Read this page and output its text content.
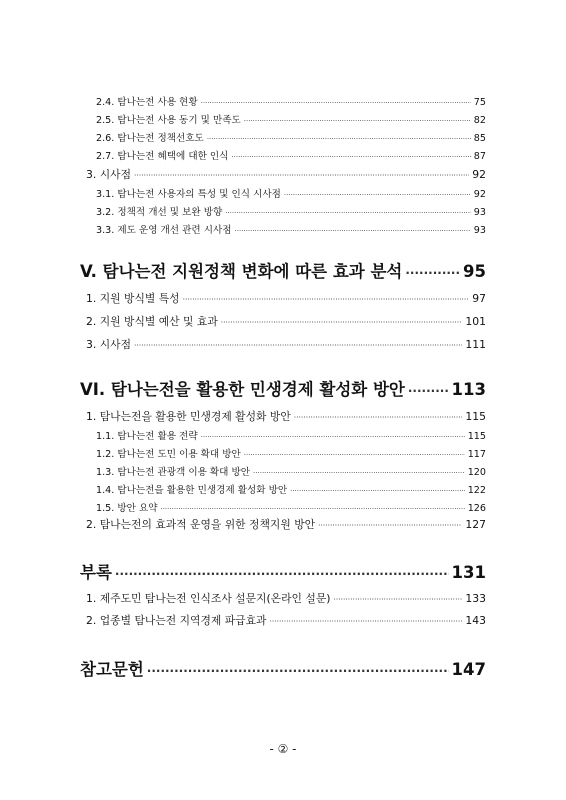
2.4. 탐나는전 사용 현황 ·····	75
2.5. 탐나는전 사용 동기 및 만족도 ·····	82
2.6. 탐나는전 정책선호도 ·····	85
2.7. 탐나는전 혜택에 대한 인식 ·····	87
3. 시사점 ·····	92
3.1. 탐나는전 사용자의 특성 및 인식 시사점 ·····	92
3.2. 정책적 개선 및 보완 방향 ·····	93
3.3. 제도 운영 개선 관련 시사점 ·····	93
V. 탐나는전 지원정책 변화에 따른 효과 분석 ·····	95
1. 지원 방식별 특성 ·····	97
2. 지원 방식별 예산 및 효과 ·····	101
3. 시사점 ·····	111
VI. 탐나는전을 활용한 민생경제 활성화 방안 ·····	113
1. 탐나는전을 활용한 민생경제 활성화 방안 ·····	115
1.1. 탐나는전 활용 전략 ·····	115
1.2. 탐나는전 도민 이용 확대 방안 ·····	117
1.3. 탐나는전 관광객 이용 확대 방안 ·····	120
1.4. 탐나는전을 활용한 민생경제 활성화 방안 ·····	122
1.5. 방안 요약 ·····	126
2. 탐나는전의 효과적 운영을 위한 정책지원 방안 ·····	127
부록 ·····	131
1. 제주도민 탐나는전 인식조사 설문지(온라인 설문) ·····	133
2. 업종별 탐나는전 지역경제 파급효과 ·····	143
참고문헌 ·····	147
- ② -
